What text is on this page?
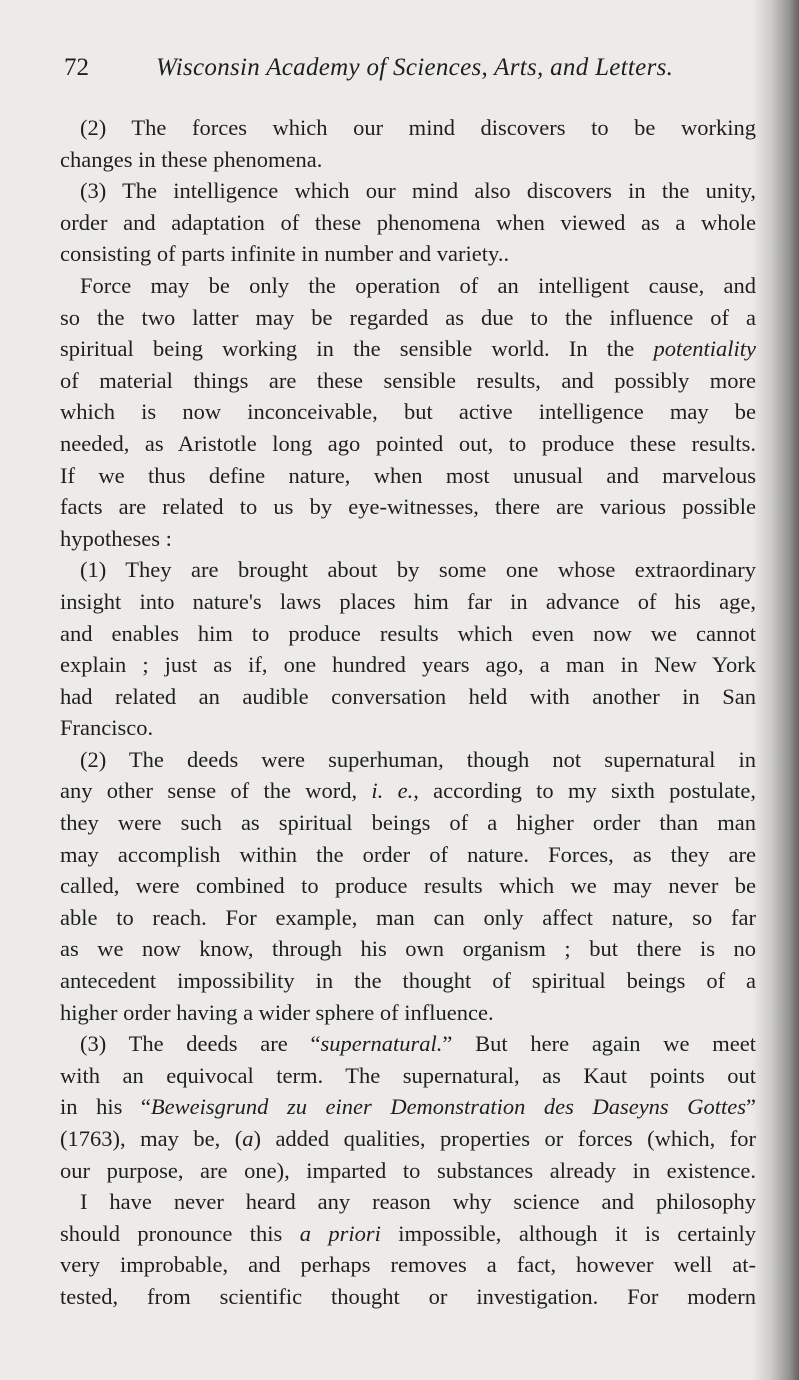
72	Wisconsin Academy of Sciences, Arts, and Letters.
(2) The forces which our mind discovers to be working
changes in these phenomena.
(3) The intelligence which our mind also discovers in the unity,
order and adaptation of these phenomena when viewed as a whole
consisting of parts infinite in number and variety..
Force may be only the operation of an intelligent cause, and
so the two latter may be regarded as due to the influence of a
spiritual being working in the sensible world. In the potentiality
of material things are these sensible results, and possibly more
which is now inconceivable, but active intelligence may be
needed, as Aristotle long ago pointed out, to produce these results.
If we thus define nature, when most unusual and marvelous
facts are related to us by eye-witnesses, there are various possible
hypotheses :
(1) They are brought about by some one whose extraordinary
insight into nature's laws places him far in advance of his age,
and enables him to produce results which even now we cannot
explain ; just as if, one hundred years ago, a man in New York
had related an audible conversation held with another in San
Francisco.
(2) The deeds were superhuman, though not supernatural in
any other sense of the word, i. e., according to my sixth postulate,
they were such as spiritual beings of a higher order than man
may accomplish within the order of nature. Forces, as they are
called, were combined to produce results which we may never be
able to reach. For example, man can only affect nature, so far
as we now know, through his own organism ; but there is no
antecedent impossibility in the thought of spiritual beings of a
higher order having a wider sphere of influence.
(3) The deeds are “supernatural.” But here again we meet
with an equivocal term. The supernatural, as Kaut points out
in his “Beweisgrund zu einer Demonstration des Daseyns Gottes”
(1763), may be, (a) added qualities, properties or forces (which, for
our purpose, are one), imparted to substances already in existence.
I have never heard any reason why science and philosophy
should pronounce this a priori impossible, although it is certainly
very improbable, and perhaps removes a fact, however well at-
tested, from scientific thought or investigation. For modern
